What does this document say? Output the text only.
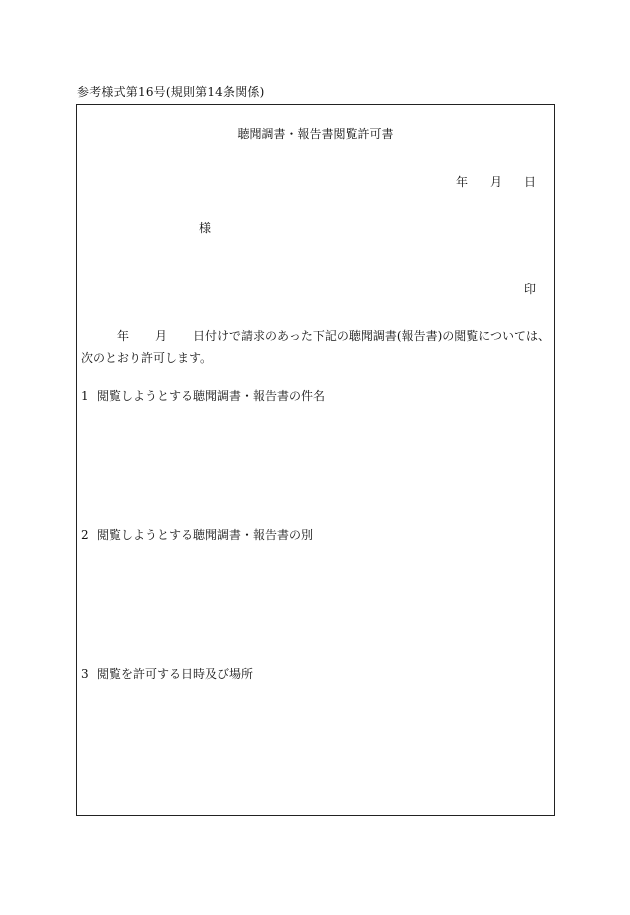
参考様式第16号(規則第14条関係)
聴聞調書・報告書閲覧許可書
年 月 日
様
印
年 月 日付けで請求のあった下記の聴聞調書(報告書)の閲覧については、
次のとおり許可します。
1 閲覧しようとする聴聞調書・報告書の件名
2 閲覧しようとする聴聞調書・報告書の別
3 閲覧を許可する日時及び場所
